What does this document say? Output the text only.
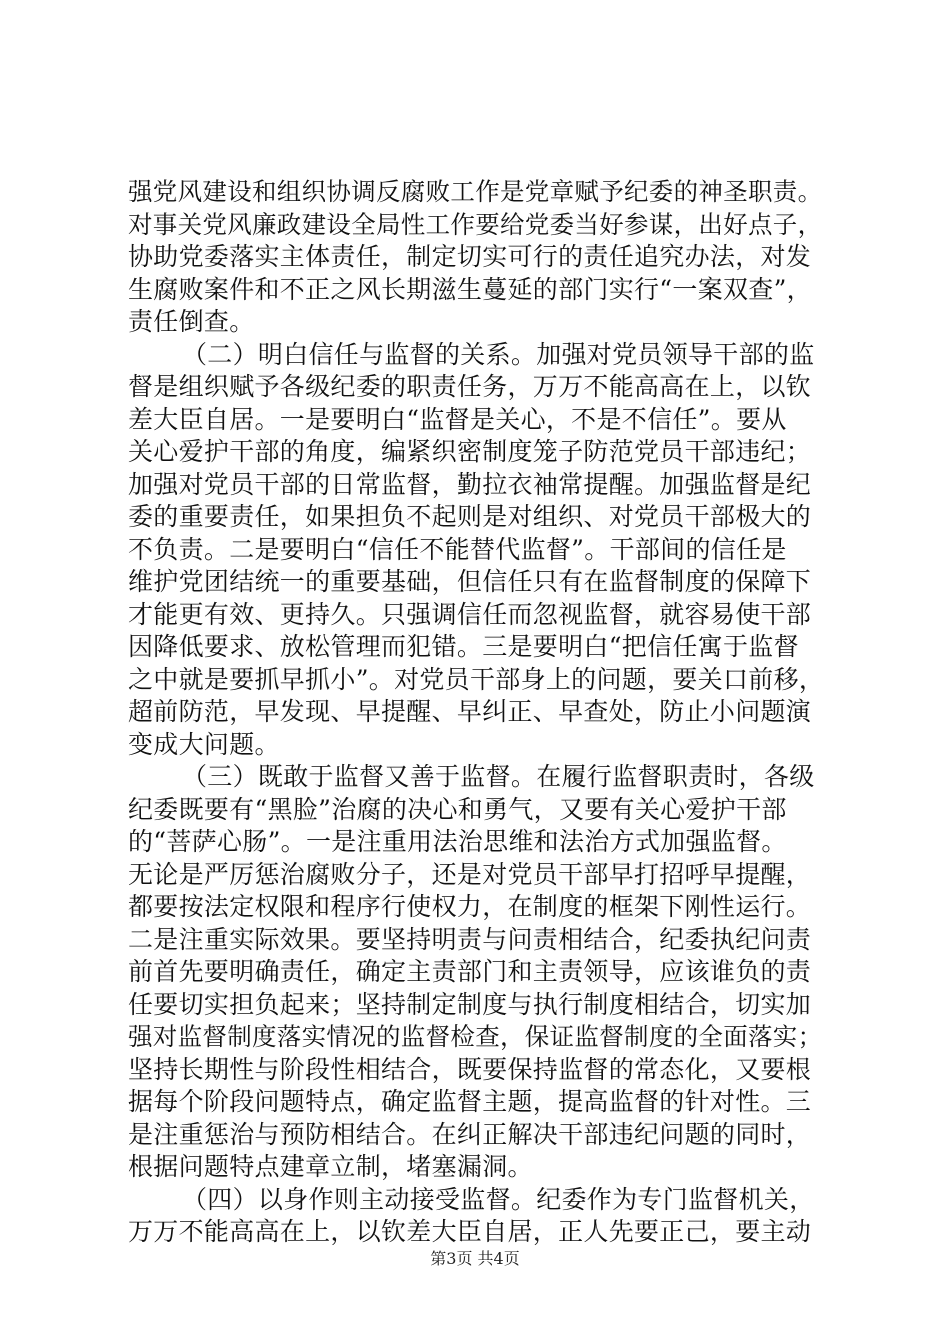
强党风建设和组织协调反腐败工作是党章赋予纪委的神圣职责。
对事关党风廉政建设全局性工作要给党委当好参谋，出好点子，
协助党委落实主体责任，制定切实可行的责任追究办法，对发
生腐败案件和不正之风长期滋生蔓延的部门实行“一案双查”，
责任倒查。
（二）明白信任与监督的关系。加强对党员领导干部的监
督是组织赋予各级纪委的职责任务，万万不能高高在上，以钦
差大臣自居。一是要明白“监督是关心，不是不信任”。要从
关心爱护干部的角度，编紧织密制度笼子防范党员干部违纪；
加强对党员干部的日常监督，勤拉衣袖常提醒。加强监督是纪
委的重要责任，如果担负不起则是对组织、对党员干部极大的
不负责。二是要明白“信任不能替代监督”。干部间的信任是
维护党团结统一的重要基础，但信任只有在监督制度的保障下
才能更有效、更持久。只强调信任而忽视监督，就容易使干部
因降低要求、放松管理而犯错。三是要明白“把信任寓于监督
之中就是要抓早抓小”。对党员干部身上的问题，要关口前移，
超前防范，早发现、早提醒、早纠正、早查处，防止小问题演
变成大问题。
（三）既敢于监督又善于监督。在履行监督职责时，各级
纪委既要有“黑脸”治腐的决心和勇气，又要有关心爱护干部
的“菩萨心肠”。一是注重用法治思维和法治方式加强监督。
无论是严厉惩治腐败分子，还是对党员干部早打招呼早提醒，
都要按法定权限和程序行使权力，在制度的框架下刚性运行。
二是注重实际效果。要坚持明责与问责相结合，纪委执纪问责
前首先要明确责任，确定主责部门和主责领导，应该谁负的责
任要切实担负起来；坚持制定制度与执行制度相结合，切实加
强对监督制度落实情况的监督检查，保证监督制度的全面落实；
坚持长期性与阶段性相结合，既要保持监督的常态化，又要根
据每个阶段问题特点，确定监督主题，提高监督的针对性。三
是注重惩治与预防相结合。在纠正解决干部违纪问题的同时，
根据问题特点建章立制，堵塞漏洞。
（四）以身作则主动接受监督。纪委作为专门监督机关，
万万不能高高在上，以钦差大臣自居，正人先要正己，要主动
第3页 共4页
